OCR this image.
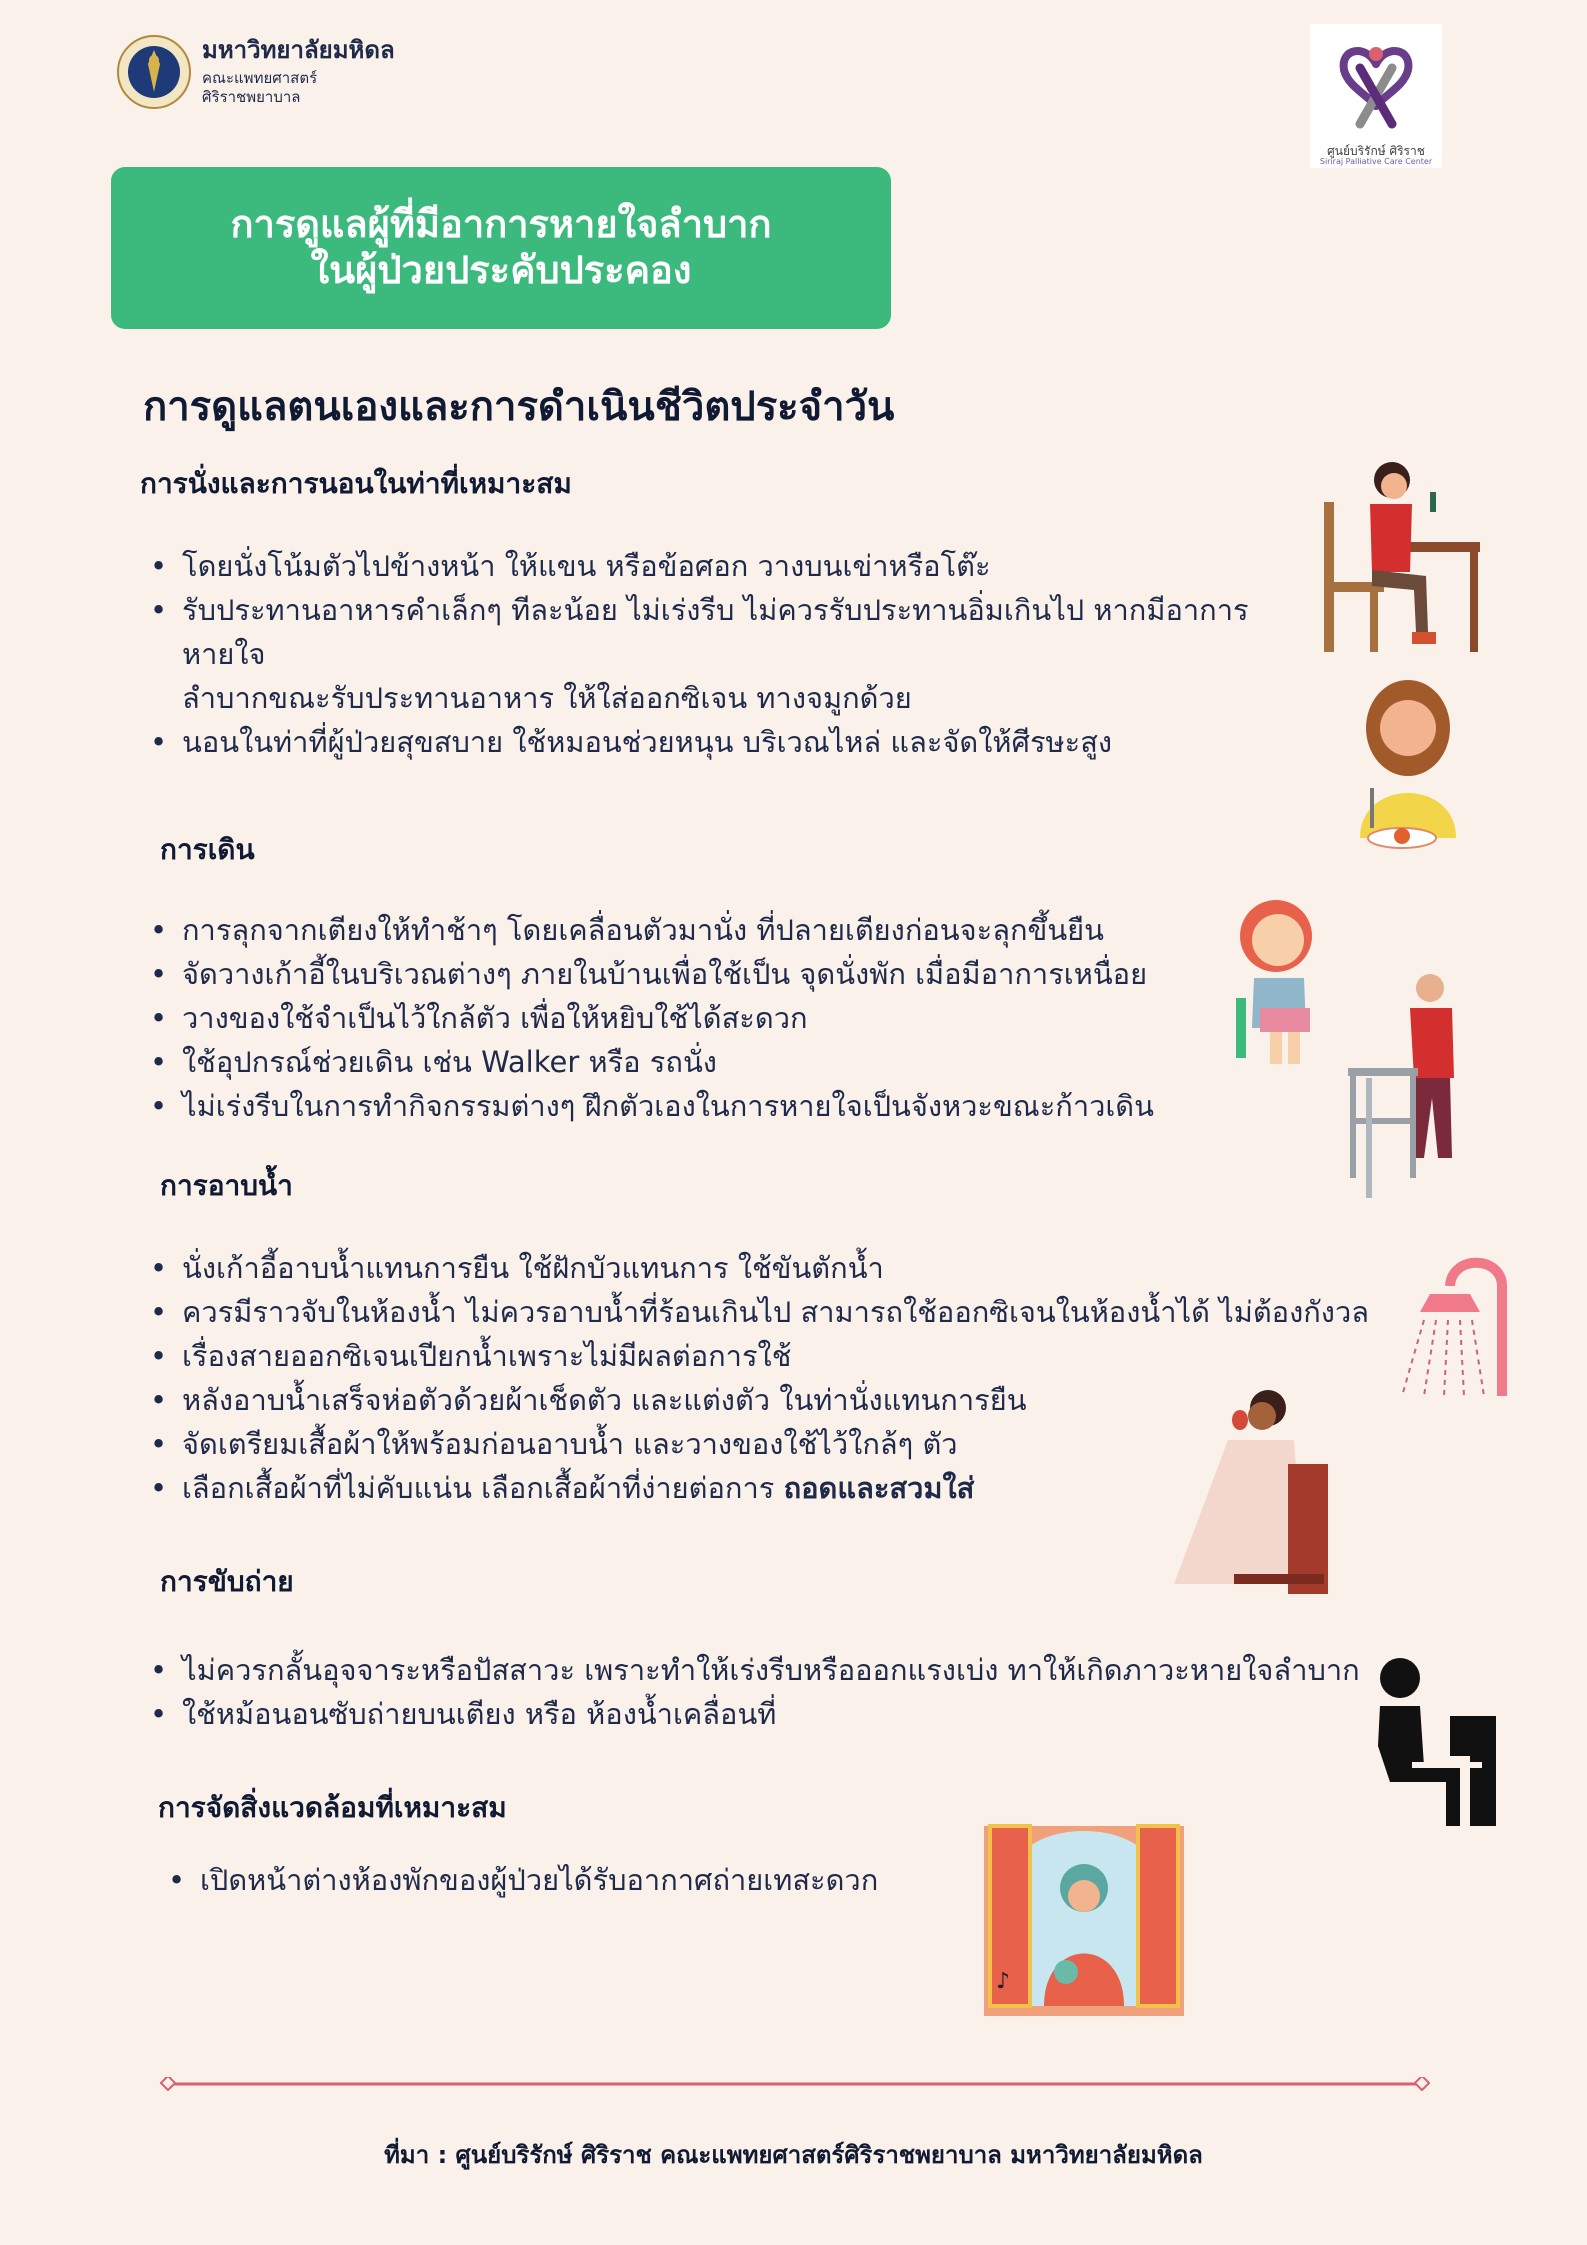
มหาวิทยาลัยมหิดล
คณะแพทยศาสตร์
ศิริราชพยาบาล
ศูนย์บริรักษ์ ศิริราช
Siriraj Palliative Care Center
การดูแลผู้ที่มีอาการหายใจลำบาก
ในผู้ป่วยประคับประคอง
การดูแลตนเองและการดำเนินชีวิตประจำวัน
การนั่งและการนอนในท่าที่เหมาะสม
• โดยนั่งโน้มตัวไปข้างหน้า ให้แขน หรือข้อศอก วางบนเข่าหรือโต๊ะ
• รับประทานอาหารคำเล็กๆ ทีละน้อย ไม่เร่งรีบ ไม่ควรรับประทานอิ่มเกินไป หากมีอาการหายใจ
ลำบากขณะรับประทานอาหาร ให้ใส่ออกซิเจน ทางจมูกด้วย
• นอนในท่าที่ผู้ป่วยสุขสบาย ใช้หมอนช่วยหนุน บริเวณไหล่ และจัดให้ศีรษะสูง
การเดิน
• การลุกจากเตียงให้ทำช้าๆ โดยเคลื่อนตัวมานั่ง ที่ปลายเตียงก่อนจะลุกขึ้นยืน
• จัดวางเก้าอี้ในบริเวณต่างๆ ภายในบ้านเพื่อใช้เป็น จุดนั่งพัก เมื่อมีอาการเหนื่อย
• วางของใช้จำเป็นไว้ใกล้ตัว เพื่อให้หยิบใช้ได้สะดวก
• ใช้อุปกรณ์ช่วยเดิน เช่น Walker หรือ รถนั่ง
• ไม่เร่งรีบในการทำกิจกรรมต่างๆ ฝึกตัวเองในการหายใจเป็นจังหวะขณะก้าวเดิน
การอาบน้ำ
• นั่งเก้าอี้อาบน้ำแทนการยืน ใช้ฝักบัวแทนการ ใช้ขันตักน้ำ
• ควรมีราวจับในห้องน้ำ ไม่ควรอาบน้ำที่ร้อนเกินไป สามารถใช้ออกซิเจนในห้องน้ำได้ ไม่ต้องกังวล
• เรื่องสายออกซิเจนเปียกน้ำเพราะไม่มีผลต่อการใช้
• หลังอาบน้ำเสร็จห่อตัวด้วยผ้าเช็ดตัว และแต่งตัว ในท่านั่งแทนการยืน
• จัดเตรียมเสื้อผ้าให้พร้อมก่อนอาบน้ำ และวางของใช้ไว้ใกล้ๆ ตัว
• เลือกเสื้อผ้าที่ไม่คับแน่น เลือกเสื้อผ้าที่ง่ายต่อการ ถอดและสวมใส่
การขับถ่าย
• ไม่ควรกลั้นอุจจาระหรือปัสสาวะ เพราะทำให้เร่งรีบหรือออกแรงเบ่ง ทาให้เกิดภาวะหายใจลำบาก
• ใช้หม้อนอนซับถ่ายบนเตียง หรือ ห้องน้ำเคลื่อนที่
การจัดสิ่งแวดล้อมที่เหมาะสม
• เปิดหน้าต่างห้องพักของผู้ป่วยได้รับอากาศถ่ายเทสะดวก
♪
ที่มา : ศูนย์บริรักษ์ ศิริราช คณะแพทยศาสตร์ศิริราชพยาบาล มหาวิทยาลัยมหิดล
